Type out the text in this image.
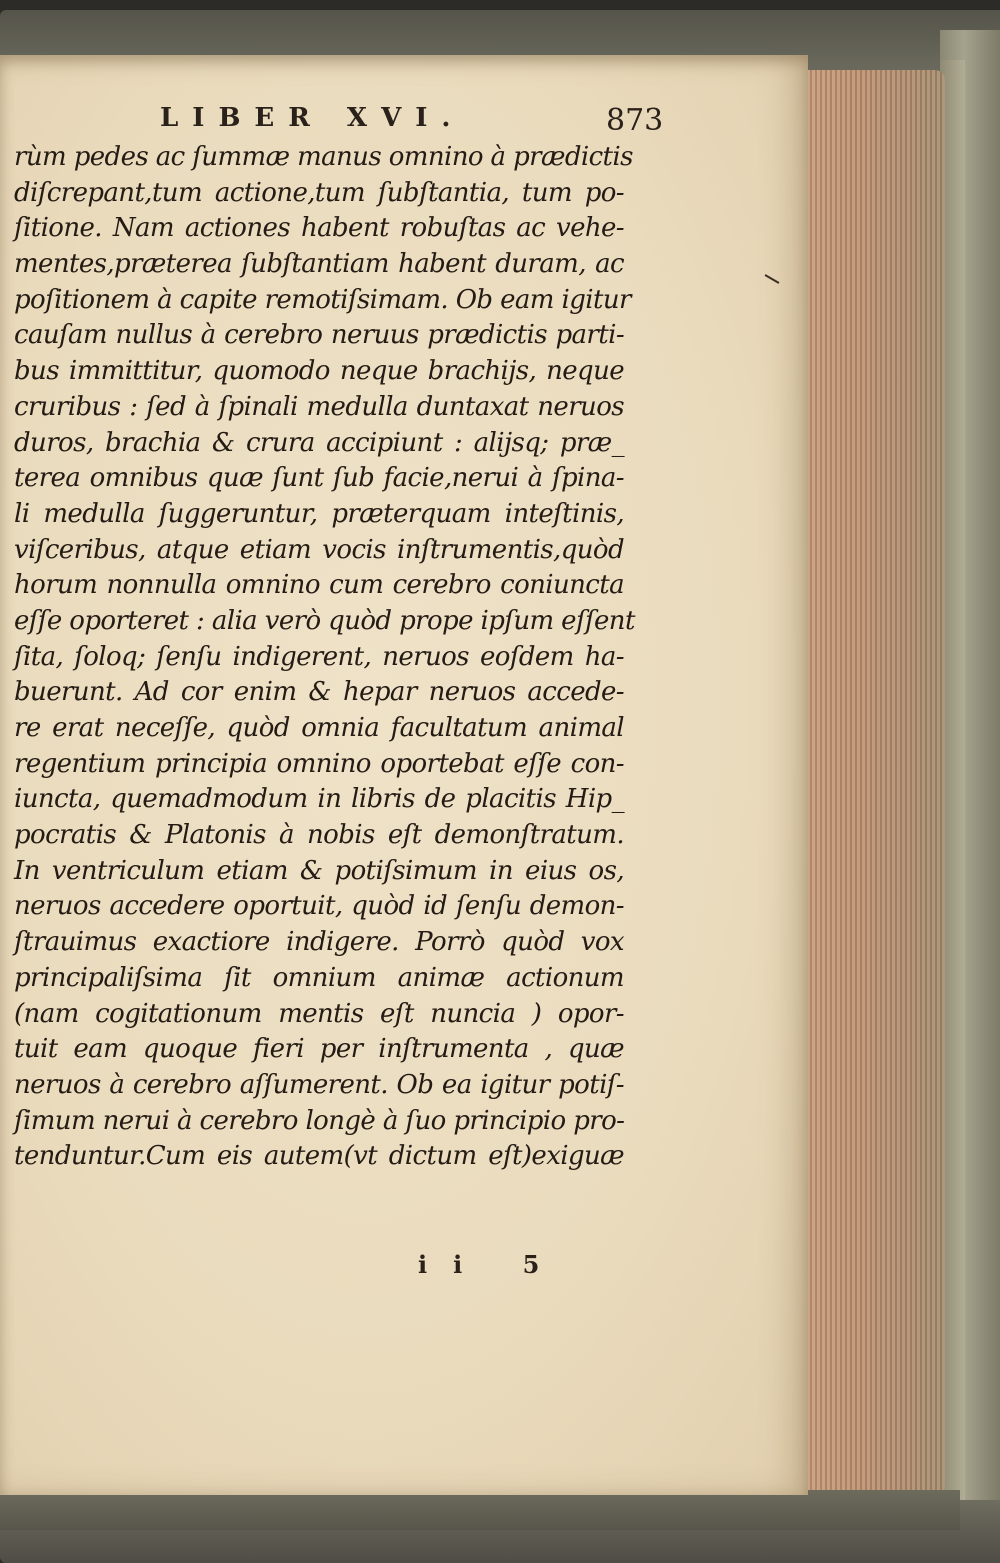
LIBER XVI.	873
rùm pedes ac ſummæ manus omnino à prædictis
diſcrepant,tum actione,tum ſubſtantia, tum po-
ſitione. Nam actiones habent robuſtas ac vehe-
mentes,præterea ſubſtantiam habent duram, ac
poſitionem à capite remotiſsimam. Ob eam igitur
cauſam nullus à cerebro neruus prædictis parti-
bus immittitur, quomodo neque brachijs, neque
cruribus : ſed à ſpinali medulla duntaxat neruos
duros, brachia & crura accipiunt : alijsq; præ_
terea omnibus quæ ſunt ſub facie,nerui à ſpina-
li medulla ſuggeruntur, præterquam inteſtinis,
viſceribus, atque etiam vocis inſtrumentis,quòd
horum nonnulla omnino cum cerebro coniuncta
eſſe oporteret : alia verò quòd prope ipſum eſſent
ſita, ſoloq; ſenſu indigerent, neruos eoſdem ha-
buerunt. Ad cor enim & hepar neruos accede-
re erat neceſſe, quòd omnia facultatum animal
regentium principia omnino oportebat eſſe con-
iuncta, quemadmodum in libris de placitis Hip_
pocratis & Platonis à nobis eſt demonſtratum.
In ventriculum etiam & potiſsimum in eius os,
neruos accedere oportuit, quòd id ſenſu demon-
ſtrauimus exactiore indigere. Porrò quòd vox
principaliſsima ſit omnium animæ actionum
(nam cogitationum mentis eſt nuncia ) opor-
tuit eam quoque fieri per inſtrumenta , quæ
neruos à cerebro aſſumerent. Ob ea igitur potiſ-
ſimum nerui à cerebro longè à ſuo principio pro-
tenduntur.Cum eis autem(vt dictum eſt)exiguæ
ii 5
